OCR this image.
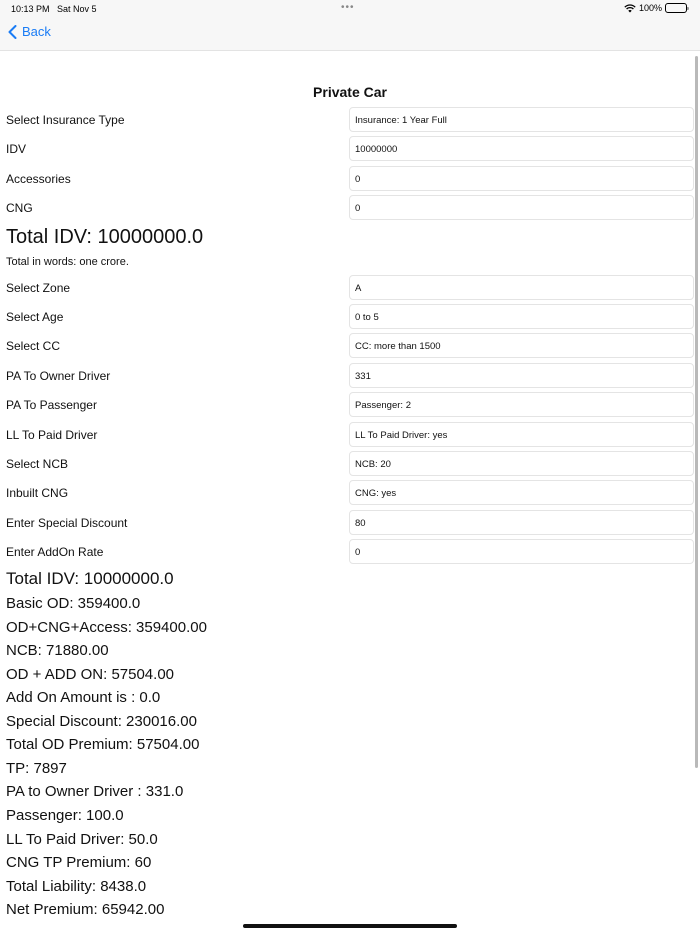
10:13 PM Sat Nov 5	•••	100%
Back
Private Car
Select Insurance Type	Insurance: 1 Year Full
IDV	10000000
Accessories	0
CNG	0
Total IDV: 10000000.0
Total in words: one crore.
Select Zone	A
Select Age	0 to 5
Select CC	CC: more than 1500
PA To Owner Driver	331
PA To Passenger	Passenger: 2
LL To Paid Driver	LL To Paid Driver: yes
Select NCB	NCB: 20
Inbuilt CNG	CNG: yes
Enter Special Discount	80
Enter AddOn Rate	0
Total IDV: 10000000.0
Basic OD: 359400.0
OD+CNG+Access: 359400.00
NCB: 71880.00
OD + ADD ON: 57504.00
Add On Amount is : 0.0
Special Discount: 230016.00
Total OD Premium: 57504.00
TP: 7897
PA to Owner Driver : 331.0
Passenger: 100.0
LL To Paid Driver: 50.0
CNG TP Premium: 60
Total Liability: 8438.0
Net Premium: 65942.00
